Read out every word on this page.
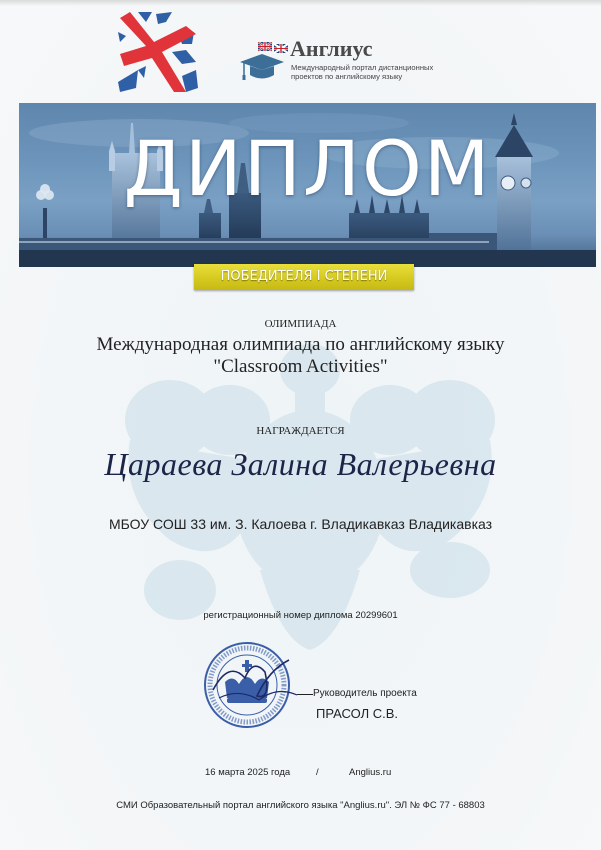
Англиус
Международный портал дистанционных
проектов по английскому языку
ДИПЛОМ
ПОБЕДИТЕЛЯ I СТЕПЕНИ
ОЛИМПИАДА
Международная олимпиада по английскому языку
"Classroom Activities"
НАГРАЖДАЕТСЯ
Цараева Залина Валерьевна
МБОУ СОШ 33 им. З. Калоева г. Владикавказ Владикавказ
регистрационный номер диплома 20299601
Руководитель проекта
ПРАСОЛ С.В.
16 марта 2025 года	/	Anglius.ru
СМИ Образовательный портал английского языка "Anglius.ru". ЭЛ № ФС 77 - 68803
